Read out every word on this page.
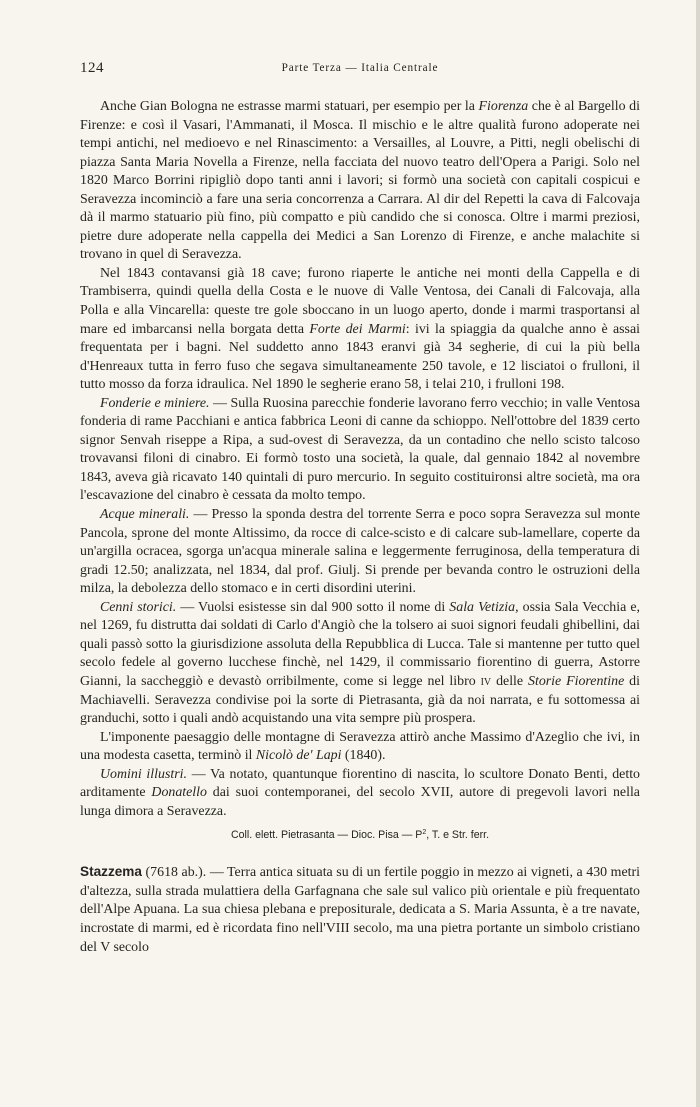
124	Parte Terza — Italia Centrale

Anche Gian Bologna ne estrasse marmi statuari, per esempio per la Fiorenza che è al Bargello di Firenze: e così il Vasari, l'Ammanati, il Mosca. Il mischio e le altre qualità furono adoperate nei tempi antichi, nel medioevo e nel Rinascimento: a Versailles, al Louvre, a Pitti, negli obelischi di piazza Santa Maria Novella a Firenze, nella facciata del nuovo teatro dell'Opera a Parigi. Solo nel 1820 Marco Borrini ripigliò dopo tanti anni i lavori; si formò una società con capitali cospicui e Seravezza incominciò a fare una seria concorrenza a Carrara. Al dir del Repetti la cava di Falcovaja dà il marmo statuario più fino, più compatto e più candido che si conosca. Oltre i marmi preziosi, pietre dure adoperate nella cappella dei Medici a San Lorenzo di Firenze, e anche malachite si trovano in quel di Seravezza.

Nel 1843 contavansi già 18 cave; furono riaperte le antiche nei monti della Cappella e di Trambiserra, quindi quella della Costa e le nuove di Valle Ventosa, dei Canali di Falcovaja, alla Polla e alla Vincarella: queste tre gole sboccano in un luogo aperto, donde i marmi trasportansi al mare ed imbarcansi nella borgata detta Forte dei Marmi: ivi la spiaggia da qualche anno è assai frequentata per i bagni. Nel suddetto anno 1843 eranvi già 34 segherie, di cui la più bella d'Henreaux tutta in ferro fuso che segava simultaneamente 250 tavole, e 12 lisciatoi o frulloni, il tutto mosso da forza idraulica. Nel 1890 le segherie erano 58, i telai 210, i frulloni 198.

Fonderie e miniere. — Sulla Ruosina parecchie fonderie lavorano ferro vecchio; in valle Ventosa fonderia di rame Pacchiani e antica fabbrica Leoni di canne da schioppo. Nell'ottobre del 1839 certo signor Senvah riseppe a Ripa, a sud-ovest di Seravezza, da un contadino che nello scisto talcoso trovavansi filoni di cinabro. Ei formò tosto una società, la quale, dal gennaio 1842 al novembre 1843, aveva già ricavato 140 quintali di puro mercurio. In seguito costituironsi altre società, ma ora l'escavazione del cinabro è cessata da molto tempo.

Acque minerali. — Presso la sponda destra del torrente Serra e poco sopra Seravezza sul monte Pancola, sprone del monte Altissimo, da rocce di calce-scisto e di calcare sub-lamellare, coperte da un'argilla ocracea, sgorga un'acqua minerale salina e leggermente ferruginosa, della temperatura di gradi 12.50; analizzata, nel 1834, dal prof. Giulj. Si prende per bevanda contro le ostruzioni della milza, la debolezza dello stomaco e in certi disordini uterini.

Cenni storici. — Vuolsi esistesse sin dal 900 sotto il nome di Sala Vetizia, ossia Sala Vecchia e, nel 1269, fu distrutta dai soldati di Carlo d'Angiò che la tolsero ai suoi signori feudali ghibellini, dai quali passò sotto la giurisdizione assoluta della Repubblica di Lucca. Tale si mantenne per tutto quel secolo fedele al governo lucchese finchè, nel 1429, il commissario fiorentino di guerra, Astorre Gianni, la saccheggiò e devastò orribilmente, come si legge nel libro iv delle Storie Fiorentine di Machiavelli. Seravezza condivise poi la sorte di Pietrasanta, già da noi narrata, e fu sottomessa ai granduchi, sotto i quali andò acquistando una vita sempre più prospera.

L'imponente paesaggio delle montagne di Seravezza attirò anche Massimo d'Azeglio che ivi, in una modesta casetta, terminò il Nicolò de' Lapi (1840).

Uomini illustri. — Va notato, quantunque fiorentino di nascita, lo scultore Donato Benti, detto arditamente Donatello dai suoi contemporanei, del secolo XVII, autore di pregevoli lavori nella lunga dimora a Seravezza.

Coll. elett. Pietrasanta — Dioc. Pisa — $P^2$, T. e Str. ferr.

Stazzema (7618 ab.). — Terra antica situata su di un fertile poggio in mezzo ai vigneti, a 430 metri d'altezza, sulla strada mulattiera della Garfagnana che sale sul valico più orientale e più frequentato dell'Alpe Apuana. La sua chiesa plebana e prepositurale, dedicata a S. Maria Assunta, è a tre navate, incrostate di marmi, ed è ricordata fino nell'VIII secolo, ma una pietra portante un simbolo cristiano del V secolo
